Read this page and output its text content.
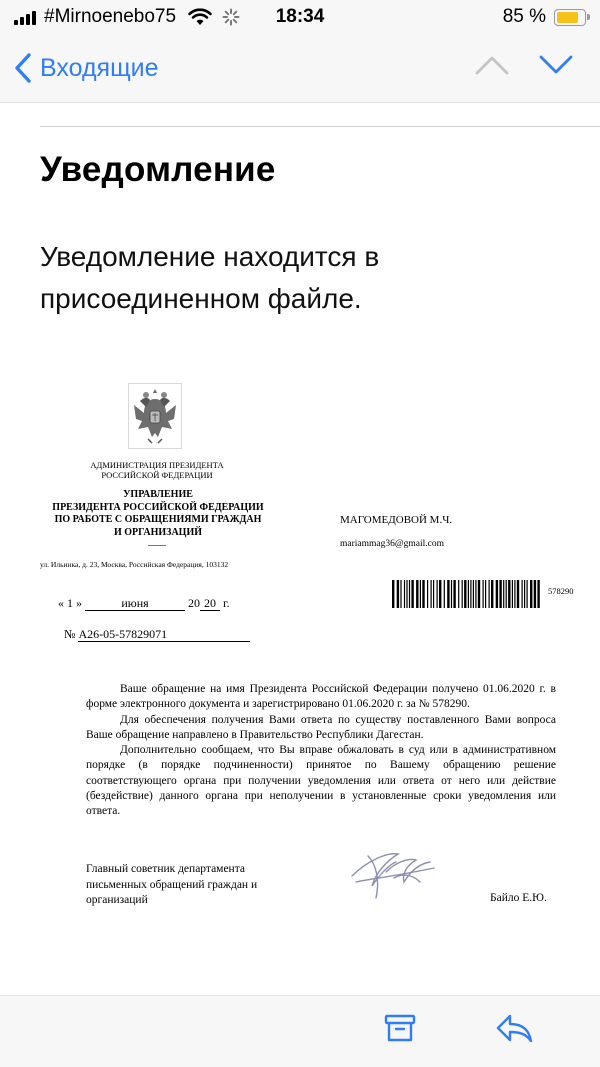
#Mirnoenebo75	18:34	85 %
Входящие
Уведомление
Уведомление находится в присоединенном файле.
АДМИНИСТРАЦИЯ ПРЕЗИДЕНТА
РОССИЙСКОЙ ФЕДЕРАЦИИ
УПРАВЛЕНИЕ
ПРЕЗИДЕНТА РОССИЙСКОЙ ФЕДЕРАЦИИ
ПО РАБОТЕ С ОБРАЩЕНИЯМИ ГРАЖДАН
И ОРГАНИЗАЦИЙ
ул. Ильинка, д. 23, Москва, Российская Федерация, 103132
МАГОМЕДОВОЙ М.Ч.
mariammag36@gmail.com
578290
« 1 »	июня	20 20 г.
№ А26-05-57829071

Ваше обращение на имя Президента Российской Федерации получено 01.06.2020 г. в форме электронного документа и зарегистрировано 01.06.2020 г. за № 578290.

Для обеспечения получения Вами ответа по существу поставленного Вами вопроса Ваше обращение направлено в Правительство Республики Дагестан.

Дополнительно сообщаем, что Вы вправе обжаловать в суд или в административном порядке (в порядке подчиненности) принятое по Вашему обращению решение соответствующего органа при получении уведомления или ответа от него или действие (бездействие) данного органа при неполучении в установленные сроки уведомления или ответа.

Главный советник департамента
письменных обращений граждан и
организаций	Байло Е.Ю.
